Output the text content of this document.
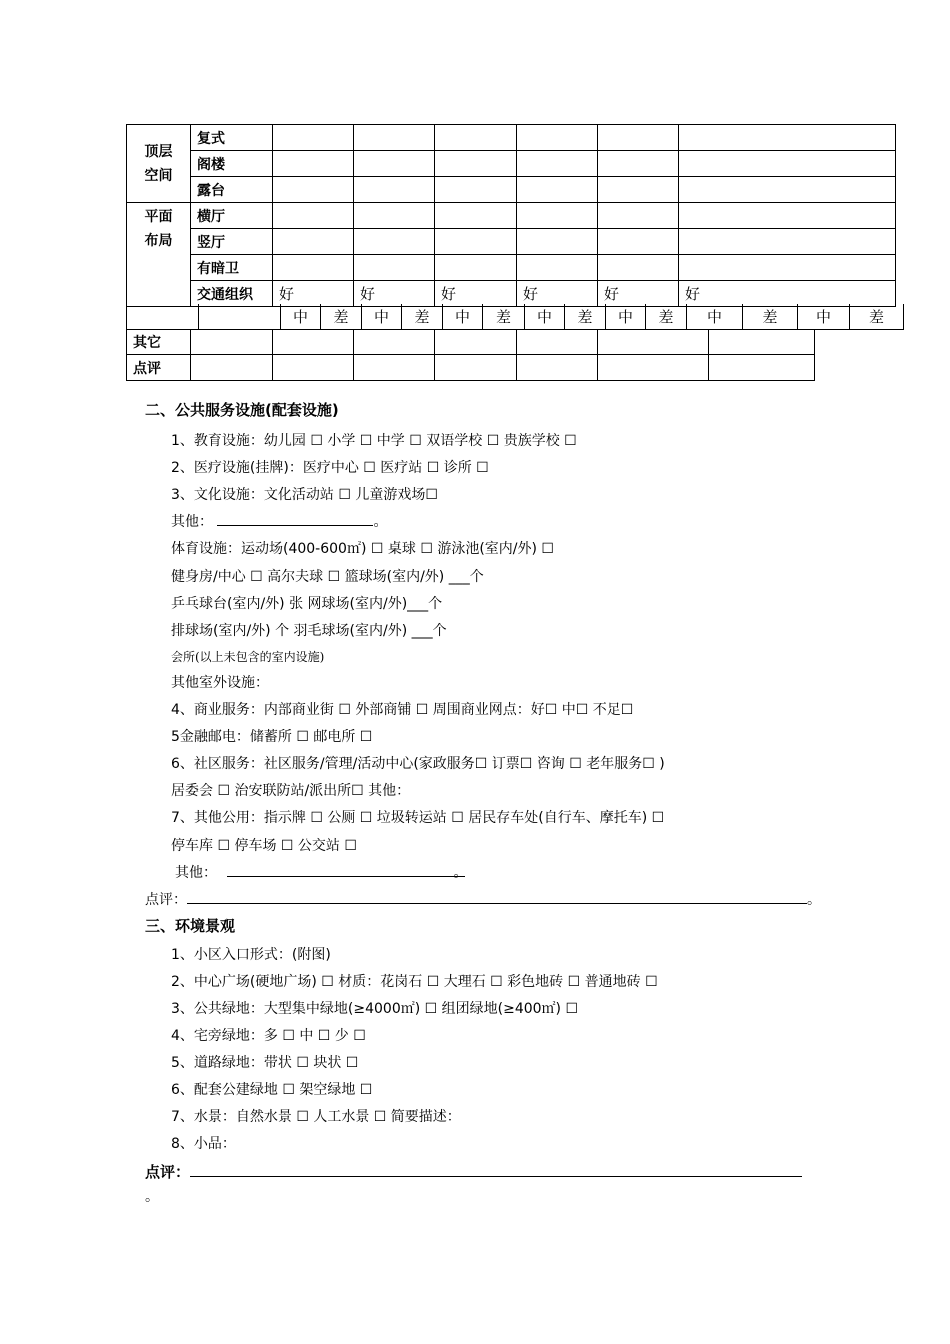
顶层
空间	复式						
	阁楼						
	露台						

平面
布局	横厅						
	竖厅						
	有暗卫						
	交通组织	好	好	好	好	好	好
		中	差	中	差	中	差	中	差	中	差	中	差	中	差
其它							
点评							
二、公共服务设施(配套设施)
1、教育设施：幼儿园 ☐ 小学 ☐ 中学 ☐ 双语学校 ☐ 贵族学校 ☐
2、医疗设施(挂牌)：医疗中心 ☐ 医疗站 ☐ 诊所 ☐
3、文化设施：文化活动站 ☐ 儿童游戏场☐
其他：	。
体育设施：运动场(400-600㎡) ☐ 桌球 ☐ 游泳池(室内/外) ☐
健身房/中心 ☐ 高尔夫球 ☐ 篮球场(室内/外) ___个
乒乓球台(室内/外) 张 网球场(室内/外)___个
排球场(室内/外) 个 羽毛球场(室内/外) ___个
会所(以上未包含的室内设施)
其他室外设施：
4、商业服务：内部商业街 ☐ 外部商铺 ☐ 周围商业网点：好☐ 中☐ 不足☐
5金融邮电：储蓄所 ☐ 邮电所 ☐
6、社区服务：社区服务/管理/活动中心(家政服务☐ 订票☐ 咨询 ☐ 老年服务☐ )
居委会 ☐ 治安联防站/派出所☐ 其他：
7、其他公用：指示牌 ☐ 公厕 ☐ 垃圾转运站 ☐ 居民存车处(自行车、摩托车) ☐
停车库 ☐ 停车场 ☐ 公交站 ☐
其他：	。
点评：	。
三、环境景观
1、小区入口形式：(附图)
2、中心广场(硬地广场) ☐ 材质：花岗石 ☐ 大理石 ☐ 彩色地砖 ☐ 普通地砖 ☐
3、公共绿地：大型集中绿地(≥4000㎡) ☐ 组团绿地(≥400㎡) ☐
4、宅旁绿地：多 ☐ 中 ☐ 少 ☐
5、道路绿地：带状 ☐ 块状 ☐
6、配套公建绿地 ☐ 架空绿地 ☐
7、水景：自然水景 ☐ 人工水景 ☐ 简要描述：
8、小品：
点评：
。
